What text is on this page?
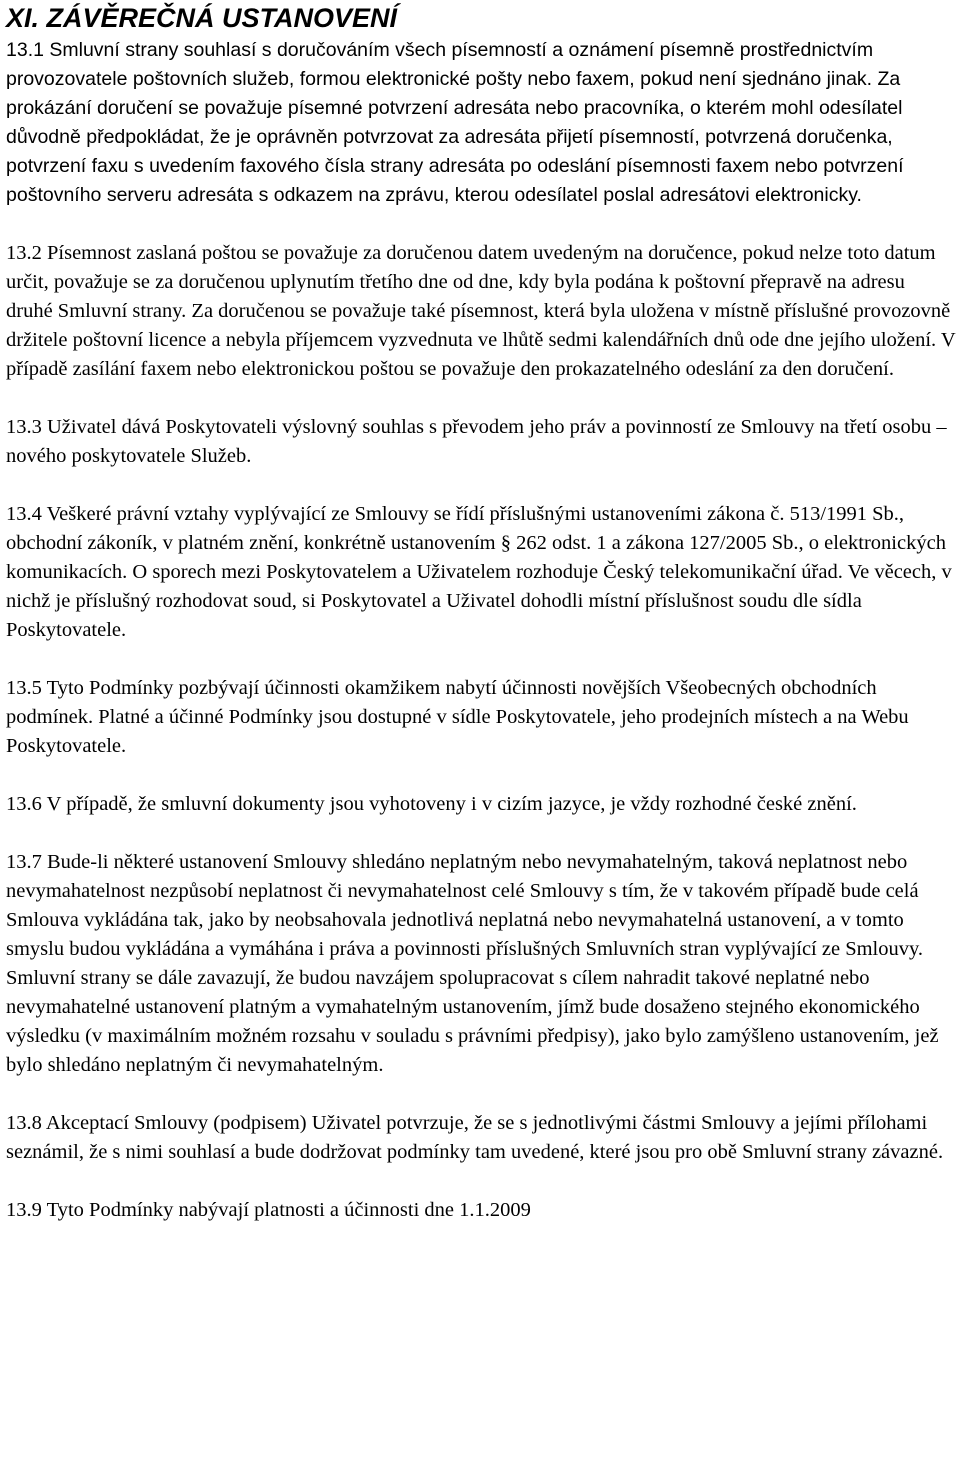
XI. ZÁVĚREČNÁ USTANOVENÍ

13.1 Smluvní strany souhlasí s doručováním všech písemností a oznámení písemně prostřednictvím provozovatele poštovních služeb, formou elektronické pošty nebo faxem, pokud není sjednáno jinak. Za prokázání doručení se považuje písemné potvrzení adresáta nebo pracovníka, o kterém mohl odesílatel důvodně předpokládat, že je oprávněn potvrzovat za adresáta přijetí písemností, potvrzená doručenka, potvrzení faxu s uvedením faxového čísla strany adresáta po odeslání písemnosti faxem nebo potvrzení poštovního serveru adresáta s odkazem na zprávu, kterou odesílatel poslal adresátovi elektronicky.

13.2 Písemnost zaslaná poštou se považuje za doručenou datem uvedeným na doručence, pokud nelze toto datum určit, považuje se za doručenou uplynutím třetího dne od dne, kdy byla podána k poštovní přepravě na adresu druhé Smluvní strany. Za doručenou se považuje také písemnost, která byla uložena v místně příslušné provozovně držitele poštovní licence a nebyla příjemcem vyzvednuta ve lhůtě sedmi kalendářních dnů ode dne jejího uložení. V případě zasílání faxem nebo elektronickou poštou se považuje den prokazatelného odeslání za den doručení.

13.3 Uživatel dává Poskytovateli výslovný souhlas s převodem jeho práv a povinností ze Smlouvy na třetí osobu – nového poskytovatele Služeb.

13.4 Veškeré právní vztahy vyplývající ze Smlouvy se řídí příslušnými ustanoveními zákona č. 513/1991 Sb., obchodní zákoník, v platném znění, konkrétně ustanovením § 262 odst. 1 a zákona 127/2005 Sb., o elektronických komunikacích. O sporech mezi Poskytovatelem a Uživatelem rozhoduje Český telekomunikační úřad. Ve věcech, v nichž je příslušný rozhodovat soud, si Poskytovatel a Uživatel dohodli místní příslušnost soudu dle sídla Poskytovatele.

13.5 Tyto Podmínky pozbývají účinnosti okamžikem nabytí účinnosti novějších Všeobecných obchodních podmínek. Platné a účinné Podmínky jsou dostupné v sídle Poskytovatele, jeho prodejních místech a na Webu Poskytovatele.

13.6 V případě, že smluvní dokumenty jsou vyhotoveny i v cizím jazyce, je vždy rozhodné české znění.

13.7 Bude-li některé ustanovení Smlouvy shledáno neplatným nebo nevymahatelným, taková neplatnost nebo nevymahatelnost nezpůsobí neplatnost či nevymahatelnost celé Smlouvy s tím, že v takovém případě bude celá Smlouva vykládána tak, jako by neobsahovala jednotlivá neplatná nebo nevymahatelná ustanovení, a v tomto smyslu budou vykládána a vymáhána i práva a povinnosti příslušných Smluvních stran vyplývající ze Smlouvy. Smluvní strany se dále zavazují, že budou navzájem spolupracovat s cílem nahradit takové neplatné nebo nevymahatelné ustanovení platným a vymahatelným ustanovením, jímž bude dosaženo stejného ekonomického výsledku (v maximálním možném rozsahu v souladu s právními předpisy), jako bylo zamýšleno ustanovením, jež bylo shledáno neplatným či nevymahatelným.

13.8 Akceptací Smlouvy (podpisem) Uživatel potvrzuje, že se s jednotlivými částmi Smlouvy a jejími přílohami seznámil, že s nimi souhlasí a bude dodržovat podmínky tam uvedené, které jsou pro obě Smluvní strany závazné.

13.9 Tyto Podmínky nabývají platnosti a účinnosti dne 1.1.2009
